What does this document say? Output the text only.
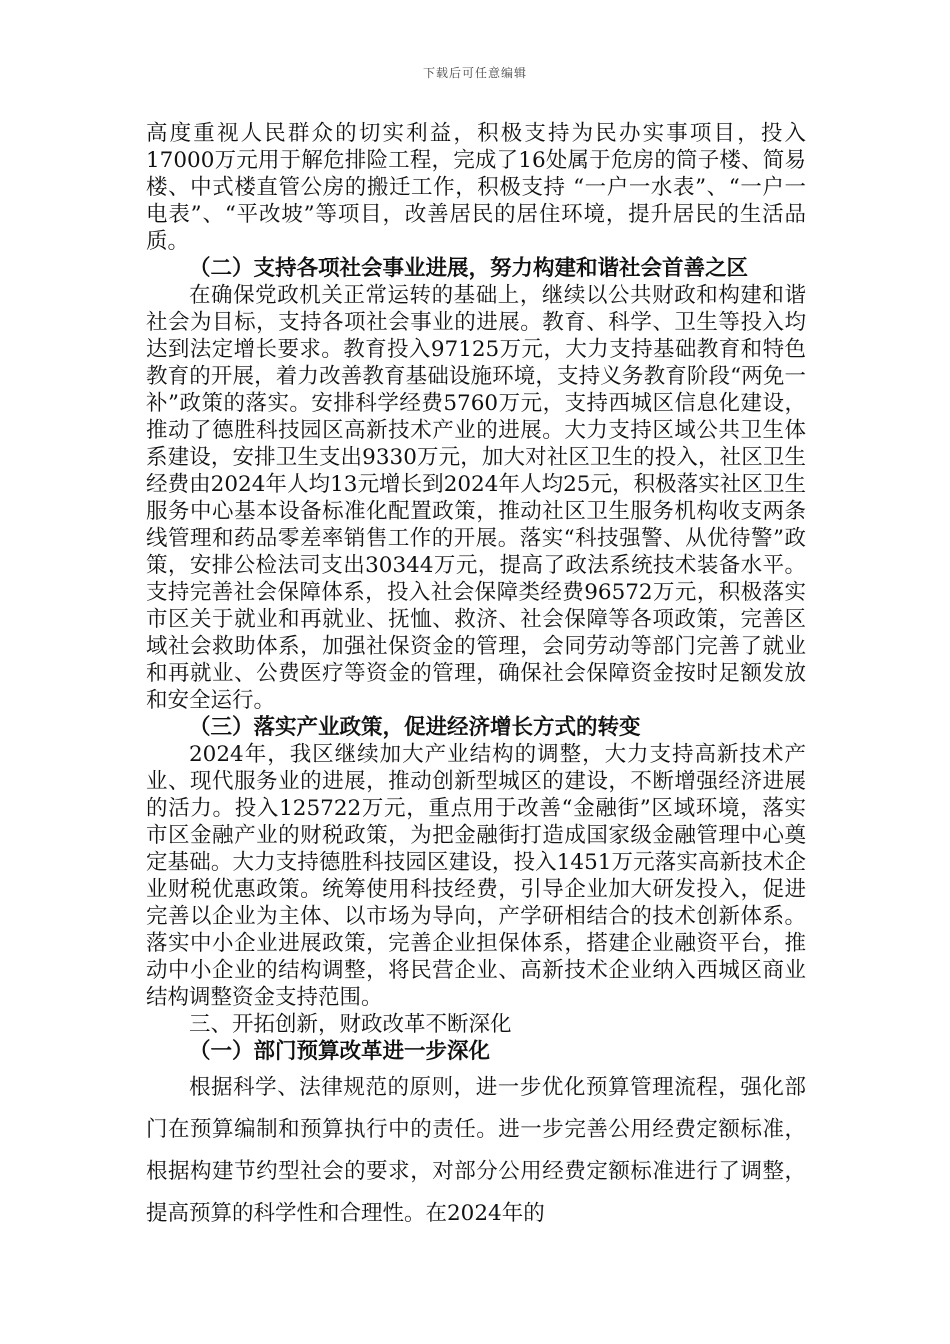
下载后可任意编辑

高度重视人民群众的切实利益，积极支持为民办实事项目，投入17000万元用于解危排险工程，完成了16处属于危房的筒子楼、简易楼、中式楼直管公房的搬迁工作，积极支持 “一户一水表”、“一户一电表”、“平改坡”等项目，改善居民的居住环境，提升居民的生活品质。

（二）支持各项社会事业进展，努力构建和谐社会首善之区

在确保党政机关正常运转的基础上，继续以公共财政和构建和谐社会为目标，支持各项社会事业的进展。教育、科学、卫生等投入均达到法定增长要求。教育投入97125万元，大力支持基础教育和特色教育的开展，着力改善教育基础设施环境，支持义务教育阶段“两免一补”政策的落实。安排科学经费5760万元，支持西城区信息化建设，推动了德胜科技园区高新技术产业的进展。大力支持区域公共卫生体系建设，安排卫生支出9330万元，加大对社区卫生的投入，社区卫生经费由2024年人均13元增长到2024年人均25元，积极落实社区卫生服务中心基本设备标准化配置政策，推动社区卫生服务机构收支两条线管理和药品零差率销售工作的开展。落实“科技强警、从优待警”政策，安排公检法司支出30344万元，提高了政法系统技术装备水平。支持完善社会保障体系，投入社会保障类经费96572万元，积极落实市区关于就业和再就业、抚恤、救济、社会保障等各项政策，完善区域社会救助体系，加强社保资金的管理，会同劳动等部门完善了就业和再就业、公费医疗等资金的管理，确保社会保障资金按时足额发放和安全运行。

（三）落实产业政策，促进经济增长方式的转变

2024年，我区继续加大产业结构的调整，大力支持高新技术产业、现代服务业的进展，推动创新型城区的建设，不断增强经济进展的活力。投入125722万元，重点用于改善“金融街”区域环境，落实市区金融产业的财税政策，为把金融街打造成国家级金融管理中心奠定基础。大力支持德胜科技园区建设，投入1451万元落实高新技术企业财税优惠政策。统筹使用科技经费，引导企业加大研发投入，促进完善以企业为主体、以市场为导向，产学研相结合的技术创新体系。落实中小企业进展政策，完善企业担保体系，搭建企业融资平台，推动中小企业的结构调整，将民营企业、高新技术企业纳入西城区商业结构调整资金支持范围。

三、开拓创新，财政改革不断深化

（一）部门预算改革进一步深化

根据科学、法律规范的原则，进一步优化预算管理流程，强化部门在预算编制和预算执行中的责任。进一步完善公用经费定额标准，根据构建节约型社会的要求，对部分公用经费定额标准进行了调整，提高预算的科学性和合理性。在2024年的
